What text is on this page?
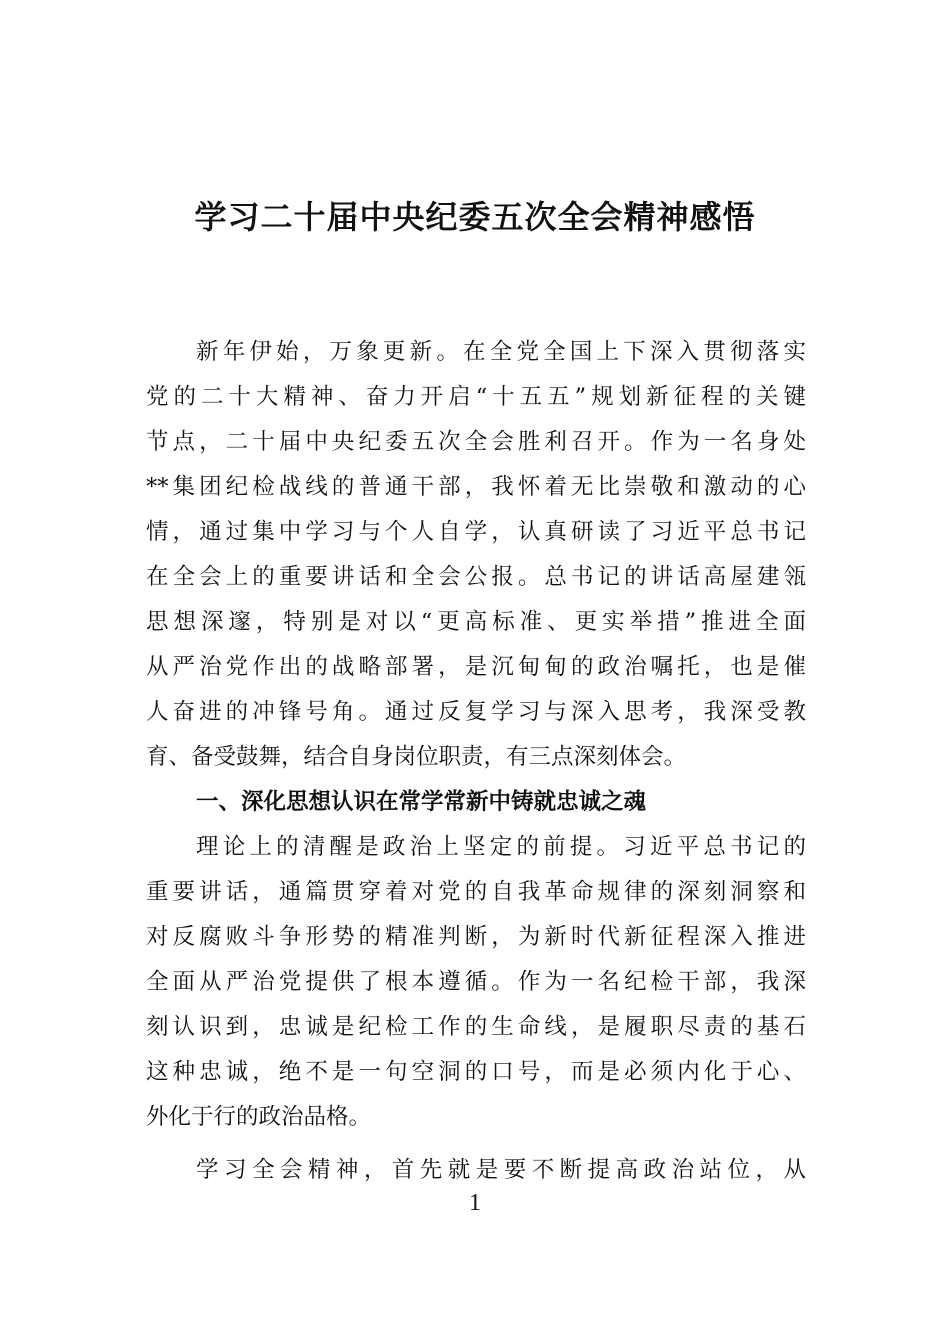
学习二十届中央纪委五次全会精神感悟
新年伊始，万象更新。在全党全国上下深入贯彻落实
党的二十大精神、奋力开启“十五五”规划新征程的关键
节点，二十届中央纪委五次全会胜利召开。作为一名身处
**集团纪检战线的普通干部，我怀着无比崇敬和激动的心
情，通过集中学习与个人自学，认真研读了习近平总书记
在全会上的重要讲话和全会公报。总书记的讲话高屋建瓴
思想深邃，特别是对以“更高标准、更实举措”推进全面
从严治党作出的战略部署，是沉甸甸的政治嘱托，也是催
人奋进的冲锋号角。通过反复学习与深入思考，我深受教
育、备受鼓舞，结合自身岗位职责，有三点深刻体会。
一、深化思想认识在常学常新中铸就忠诚之魂
理论上的清醒是政治上坚定的前提。习近平总书记的
重要讲话，通篇贯穿着对党的自我革命规律的深刻洞察和
对反腐败斗争形势的精准判断，为新时代新征程深入推进
全面从严治党提供了根本遵循。作为一名纪检干部，我深
刻认识到，忠诚是纪检工作的生命线，是履职尽责的基石
这种忠诚，绝不是一句空洞的口号，而是必须内化于心、
外化于行的政治品格。
学习全会精神，首先就是要不断提高政治站位，从
1
